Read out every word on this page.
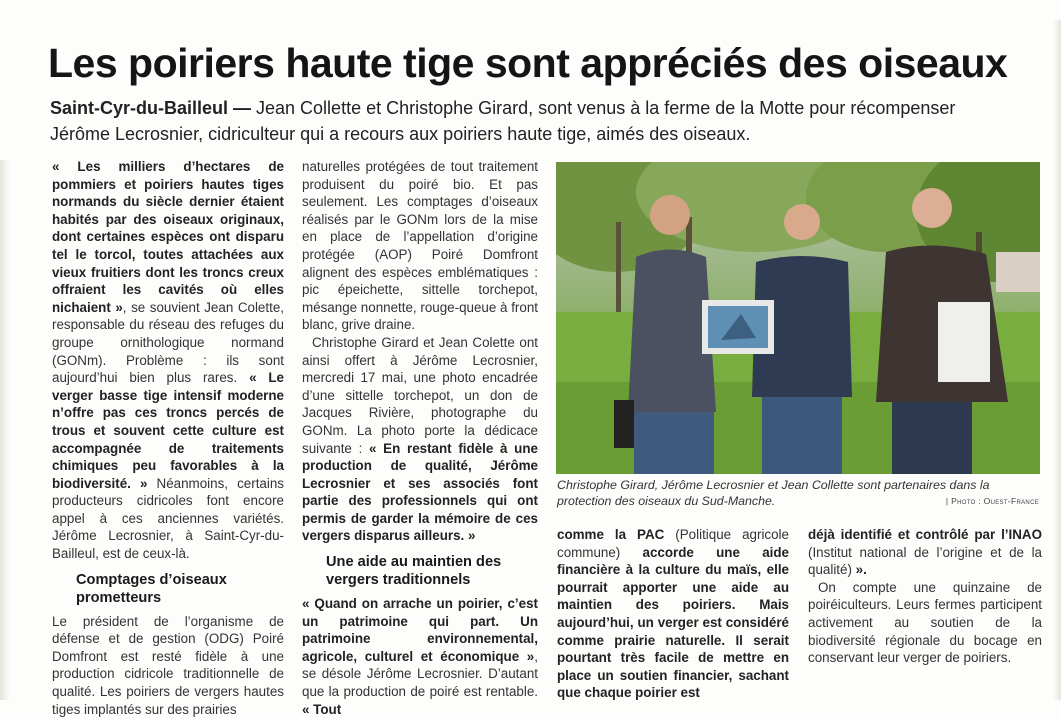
Les poiriers haute tige sont appréciés des oiseaux
Saint-Cyr-du-Bailleul — Jean Collette et Christophe Girard, sont venus à la ferme de la Motte pour récompenser Jérôme Lecrosnier, cidriculteur qui a recours aux poiriers haute tige, aimés des oiseaux.

« Les milliers d’hectares de pommiers et poiriers hautes tiges normands du siècle dernier étaient habités par des oiseaux originaux, dont certaines espèces ont disparu tel le torcol, toutes attachées aux vieux fruitiers dont les troncs creux offraient les cavités où elles nichaient », se souvient Jean Colette, responsable du réseau des refuges du groupe ornithologique normand (GONm). Problème : ils sont aujourd’hui bien plus rares. « Le verger basse tige intensif moderne n’offre pas ces troncs percés de trous et souvent cette culture est accompagnée de traitements chimiques peu favorables à la biodiversité. » Néanmoins, certains producteurs cidricoles font encore appel à ces anciennes variétés. Jérôme Lecrosnier, à Saint-Cyr-du-Bailleul, est de ceux-là.

Comptages d’oiseaux prometteurs

Le président de l’organisme de défense et de gestion (ODG) Poiré Domfront est resté fidèle à une production cidricole traditionnelle de qualité. Les poiriers de vergers hautes tiges implantés sur des prairies

naturelles protégées de tout traitement produisent du poiré bio. Et pas seulement. Les comptages d’oiseaux réalisés par le GONm lors de la mise en place de l’appellation d’origine protégée (AOP) Poiré Domfront alignent des espèces emblématiques : pic épeichette, sittelle torchepot, mésange nonnette, rouge-queue à front blanc, grive draine.

Christophe Girard et Jean Colette ont ainsi offert à Jérôme Lecrosnier, mercredi 17 mai, une photo encadrée d’une sittelle torchepot, un don de Jacques Rivière, photographe du GONm. La photo porte la dédicace suivante : « En restant fidèle à une production de qualité, Jérôme Lecrosnier et ses associés font partie des professionnels qui ont permis de garder la mémoire de ces vergers disparus ailleurs. »

Une aide au maintien des vergers traditionnels

« Quand on arrache un poirier, c’est un patrimoine qui part. Un patrimoine environnemental, agricole, culturel et économique », se désole Jérôme Lecrosnier. D’autant que la production de poiré est rentable. « Tout

Christophe Girard, Jérôme Lecrosnier et Jean Collette sont partenaires dans la protection des oiseaux du Sud-Manche.	| Photo : Ouest-France

comme la PAC (Politique agricole commune) accorde une aide financière à la culture du maïs, elle pourrait apporter une aide au maintien des poiriers. Mais aujourd’hui, un verger est considéré comme prairie naturelle. Il serait pourtant très facile de mettre en place un soutien financier, sachant que chaque poirier est

déjà identifié et contrôlé par l’INAO (Institut national de l’origine et de la qualité) ».

On compte une quinzaine de poiréiculteurs. Leurs fermes participent activement au soutien de la biodiversité régionale du bocage en conservant leur verger de poiriers.
